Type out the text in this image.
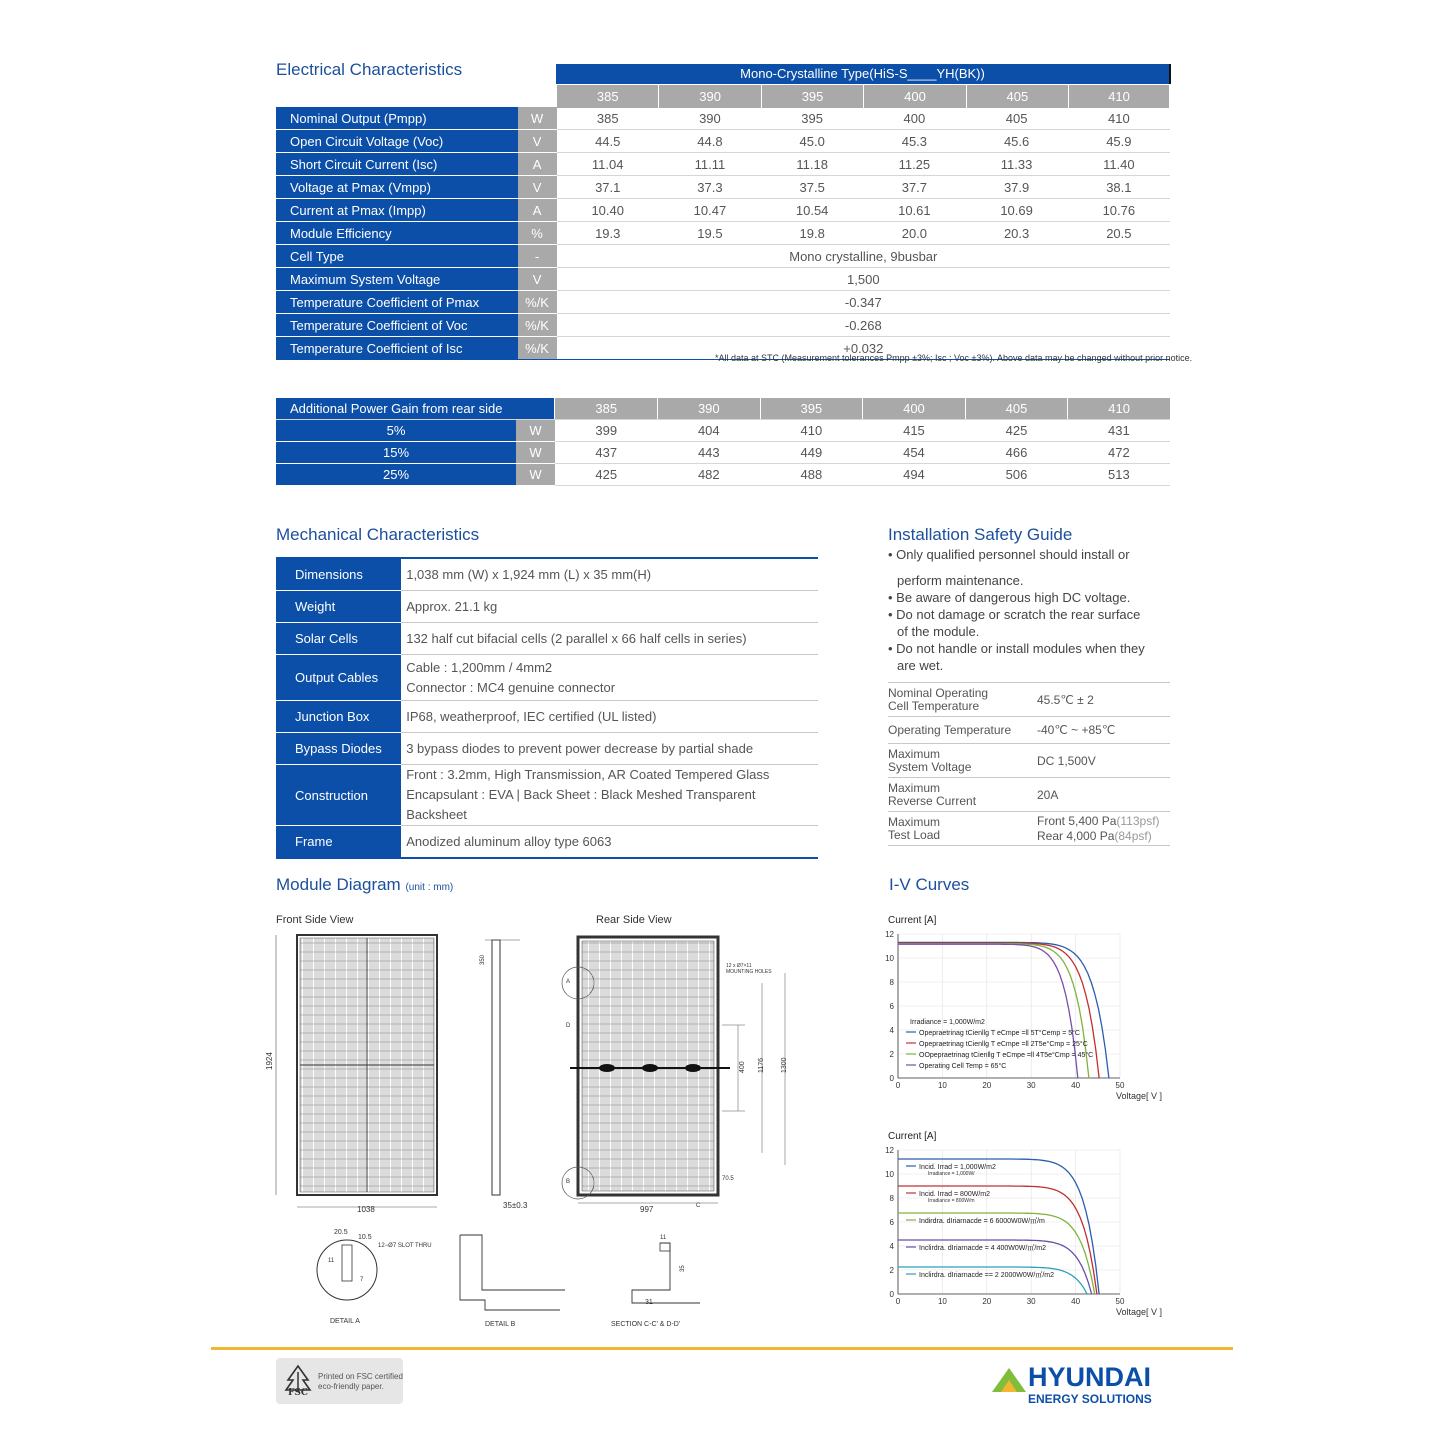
Electrical Characteristics	Mono-Crystalline Type(HiS-S____YH(BK))
385	390	395	400	405	410
Nominal Output (Pmpp)	W	385	390	395	400	405	410
Open Circuit Voltage (Voc)	V	44.5	44.8	45.0	45.3	45.6	45.9
Short Circuit Current (Isc)	A	11.04	11.11	11.18	11.25	11.33	11.40
Voltage at Pmax (Vmpp)	V	37.1	37.3	37.5	37.7	37.9	38.1
Current at Pmax (Impp)	A	10.40	10.47	10.54	10.61	10.69	10.76
Module Efficiency	%	19.3	19.5	19.8	20.0	20.3	20.5
Cell Type	-	Mono crystalline, 9busbar					
Maximum System Voltage	V	1,500					
Temperature Coefficient of Pmax	%/K	-0.347					
Temperature Coefficient of Voc	%/K	-0.268					
Temperature Coefficient of Isc	%/K	+0.032					
*All data at STC (Measurement tolerances Pmpp ±3%; Isc ; Voc ±3%). Above data may be changed without prior notice.
Additional Power Gain from rear side		385	390	395	400	405	410
5%	W	399	404	410	415	425	431
15%	W	437	443	449	454	466	472
25%	W	425	482	488	494	506	513
Mechanical Characteristics
Dimensions	1,038 mm (W) x 1,924 mm (L) x 35 mm(H)

Weight	Approx. 21.1 kg

Solar Cells	132 half cut bifacial cells (2 parallel x 66 half cells in series)

Output Cables	Cable : 1,200mm / 4mm2
Connector : MC4 genuine connector

Junction Box	IP68, weatherproof, IEC certified (UL listed)

Bypass Diodes	3 bypass diodes to prevent power decrease by partial shade

Construction	Front : 3.2mm, High Transmission, AR Coated Tempered Glass
Encapsulant : EVA | Back Sheet : Black Meshed Transparent Backsheet

Frame	Anodized aluminum alloy type 6063
Installation Safety Guide
• Only qualified personnel should install or
perform maintenance.
• Be aware of dangerous high DC voltage.
• Do not damage or scratch the rear surface
of the module.
• Do not handle or install modules when they
are wet.
Nominal Operating
Cell Temperature	45.5℃ ± 2
Operating Temperature	-40℃ ~ +85℃
Maximum
System Voltage	DC 1,500V
Maximum
Reverse Current	20A
Maximum
Test Load	Front 5,400 Pa(113psf)
Rear 4,000 Pa(84psf)
Module Diagram (unit : mm)
Front Side View	Rear Side View
1924
1038
350
35±0.3
A
B
C
D
12 x Ø7×11
MOUNTING HOLES
400 1176 1300
70.5
997
20.5
10.5
12−Ø7 SLOT THRU
11
7
DETAIL A	DETAIL B
11
35
31
SECTION C-C' & D-D'
I-V Curves
Current [A]
0
2
4
6
8
10
12
0	10	20	30	40	50
Voltage[ V ]
Irradiance = 1,000W/m2
Opepraetrinag tCienllg T eCmpe =ll 5T°Cemp = 5°C
Opepraetrinag tCienllg T eCmpe =ll 2T5e°Cmp = 25°C
OOpepraetrinag tCienllg T eCmpe =ll 4T5e°Cmp = 45°C
Operating Cell Temp = 65°C
Current [A]
0
2
4
6
8
10
12
0	10	20	30	40	50
Voltage[ V ]
Incid. Irrad = 1,000W/m2
Irradiance = 1,000W/
Incid. Irrad = 800W/m2
Irradiance = 800W/m
Indirdra. dIriarnacde = 6 6000W0W/㎡/m
Inclirdra. dIriarnacde = 4 400W0W/㎡/m2
Inclirdra. dIriarnacde == 2 2000W0W/㎡/m2
FSC
Printed on FSC certified
eco-friendly paper.	HYUNDAI
ENERGY SOLUTIONS
